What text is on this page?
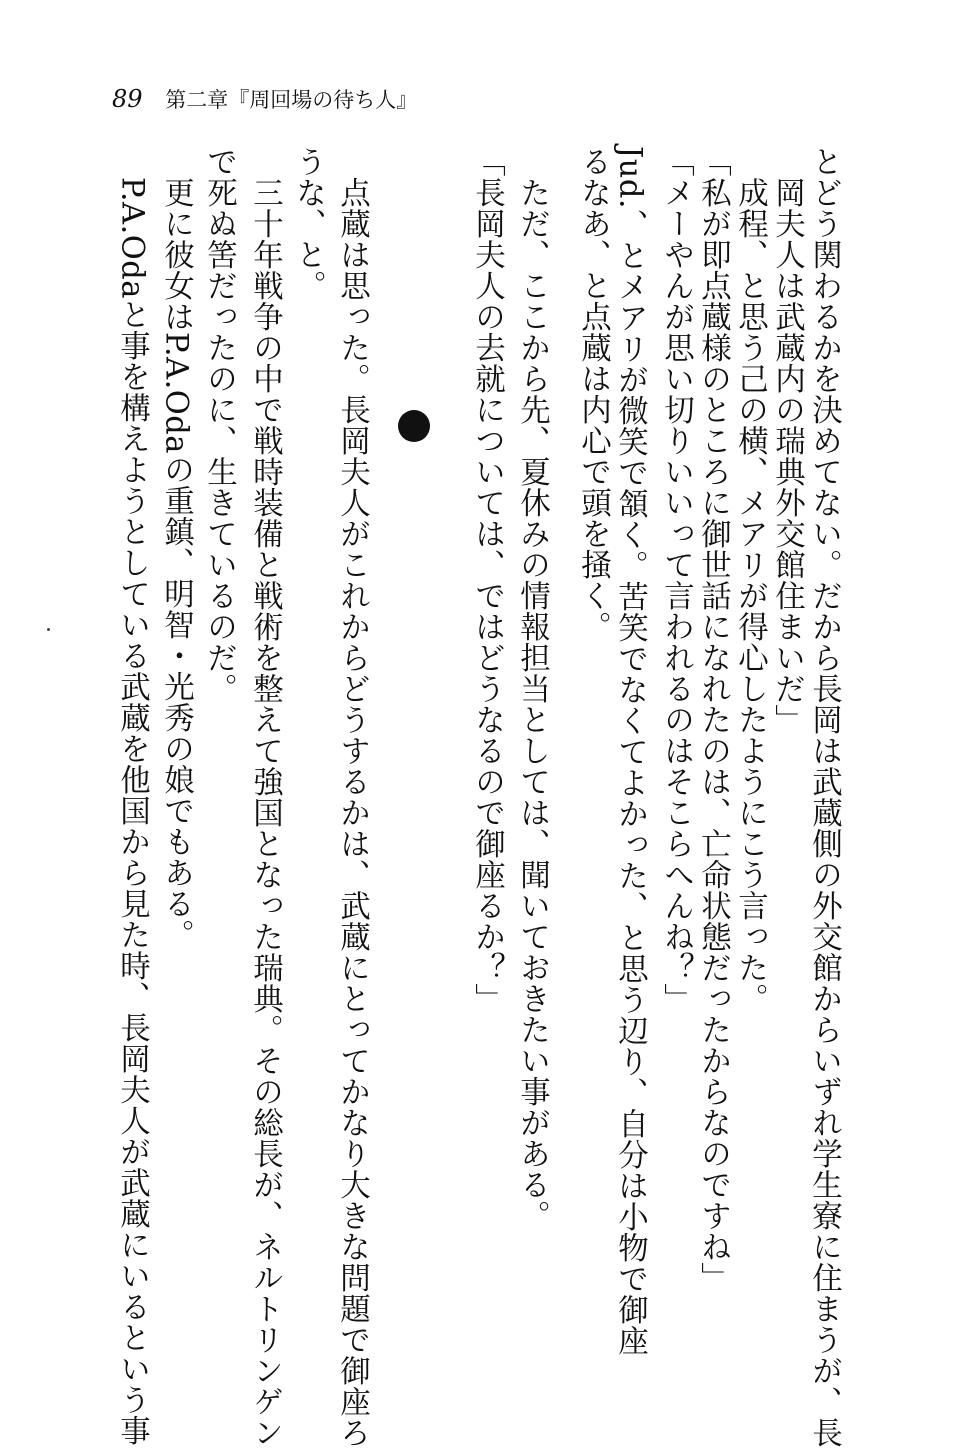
89 第二章『周回場の待ち人』
とどう関わるかを決めてない。だから長岡は武蔵側の外交館からいずれ学生寮に住まうが、長
岡夫人は武蔵内の瑞典外交館住まいだ」
成程、と思う己の横、メアリが得心したようにこう言った。
「私が即点蔵様のところに御世話になれたのは、亡命状態だったからなのですね」
「メーやんが思い切りいいって言われるのはそこらへんね？」
Jud.、とメアリが微笑で頷く。苦笑でなくてよかった、と思う辺り、自分は小物で御座
るなあ、と点蔵は内心で頭を掻く。
ただ、ここから先、夏休みの情報担当としては、聞いておきたい事がある。
「長岡夫人の去就については、ではどうなるので御座るか？」
点蔵は思った。長岡夫人がこれからどうするかは、武蔵にとってかなり大きな問題で御座ろ
うな、と。
三十年戦争の中で戦時装備と戦術を整えて強国となった瑞典。その総長が、ネルトリンゲン
で死ぬ筈だったのに、生きているのだ。
更に彼女はP.A.Odaの重鎮、明智・光秀の娘でもある。
P.A.Odaと事を構えようとしている武蔵を他国から見た時、長岡夫人が武蔵にいるという事
